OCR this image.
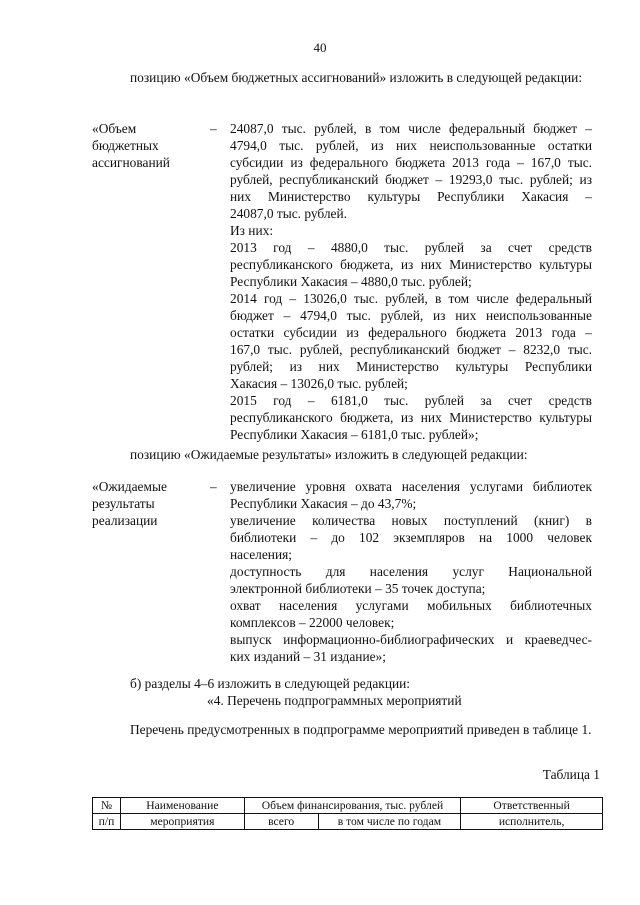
40
позицию «Объем бюджетных ассигнований» изложить в следующей редакции:
«Объем
бюджетных
ассигнований
– 24087,0 тыс. рублей, в том числе федеральный бюджет –
4794,0 тыс. рублей, из них неиспользованные остатки
субсидии из федерального бюджета 2013 года – 167,0 тыс.
рублей, республиканский бюджет – 19293,0 тыс. рублей; из
них Министерство культуры Республики Хакасия –
24087,0 тыс. рублей.
Из них:
2013 год – 4880,0 тыс. рублей за счет средств
республиканского бюджета, из них Министерство культуры
Республики Хакасия – 4880,0 тыс. рублей;
2014 год – 13026,0 тыс. рублей, в том числе федеральный
бюджет – 4794,0 тыс. рублей, из них неиспользованные
остатки субсидии из федерального бюджета 2013 года –
167,0 тыс. рублей, республиканский бюджет – 8232,0 тыс.
рублей; из них Министерство культуры Республики
Хакасия – 13026,0 тыс. рублей;
2015 год – 6181,0 тыс. рублей за счет средств
республиканского бюджета, из них Министерство культуры
Республики Хакасия – 6181,0 тыс. рублей»;
позицию «Ожидаемые результаты» изложить в следующей редакции:
«Ожидаемые
результаты
реализации
– увеличение уровня охвата населения услугами библиотек
Республики Хакасия – до 43,7%;
увеличение количества новых поступлений (книг) в
библиотеки – до 102 экземпляров на 1000 человек
населения;
доступность для населения услуг Национальной
электронной библиотеки – 35 точек доступа;
охват населения услугами мобильных библиотечных
комплексов – 22000 человек;
выпуск информационно-библиографических и краеведчес-
ких изданий – 31 издание»;
б) разделы 4–6 изложить в следующей редакции:
«4. Перечень подпрограммных мероприятий
Перечень предусмотренных в подпрограмме мероприятий приведен в таблице 1.
Таблица 1
№	Наименование	Объем финансирования, тыс. рублей		Ответственный
п/п	мероприятия	всего	в том числе по годам	исполнитель,
